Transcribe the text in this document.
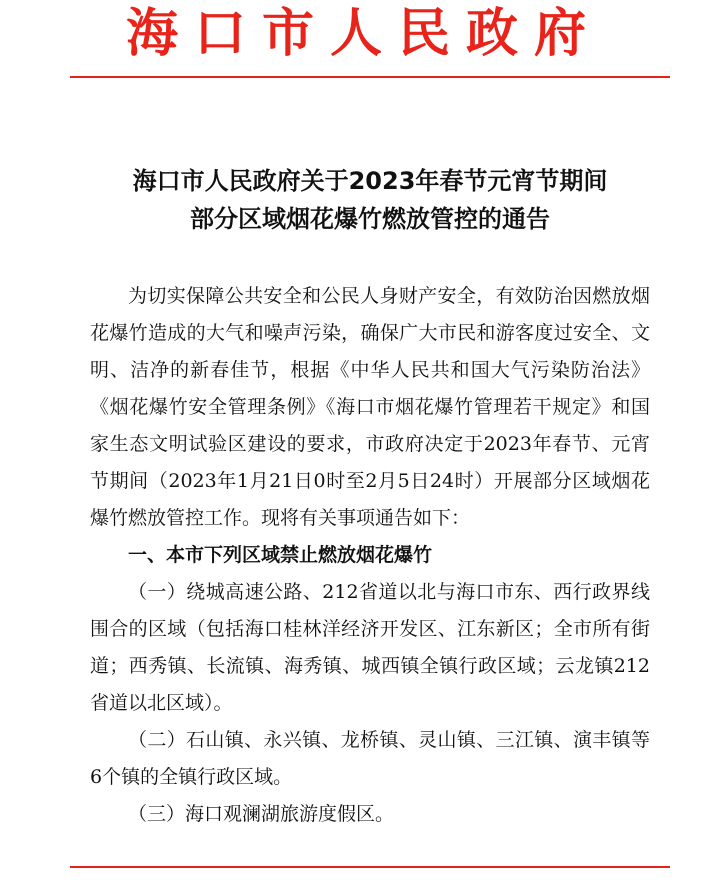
海口市人民政府
海口市人民政府关于2023年春节元宵节期间
部分区域烟花爆竹燃放管控的通告

为切实保障公共安全和公民人身财产安全，有效防治因燃放烟花爆竹造成的大气和噪声污染，确保广大市民和游客度过安全、文明、洁净的新春佳节，根据《中华人民共和国大气污染防治法》《烟花爆竹安全管理条例》《海口市烟花爆竹管理若干规定》和国家生态文明试验区建设的要求，市政府决定于2023年春节、元宵节期间（2023年1月21日0时至2月5日24时）开展部分区域烟花爆竹燃放管控工作。现将有关事项通告如下：

一、本市下列区域禁止燃放烟花爆竹

（一）绕城高速公路、212省道以北与海口市东、西行政界线围合的区域（包括海口桂林洋经济开发区、江东新区；全市所有街道；西秀镇、长流镇、海秀镇、城西镇全镇行政区域；云龙镇212省道以北区域）。

（二）石山镇、永兴镇、龙桥镇、灵山镇、三江镇、演丰镇等6个镇的全镇行政区域。

（三）海口观澜湖旅游度假区。
